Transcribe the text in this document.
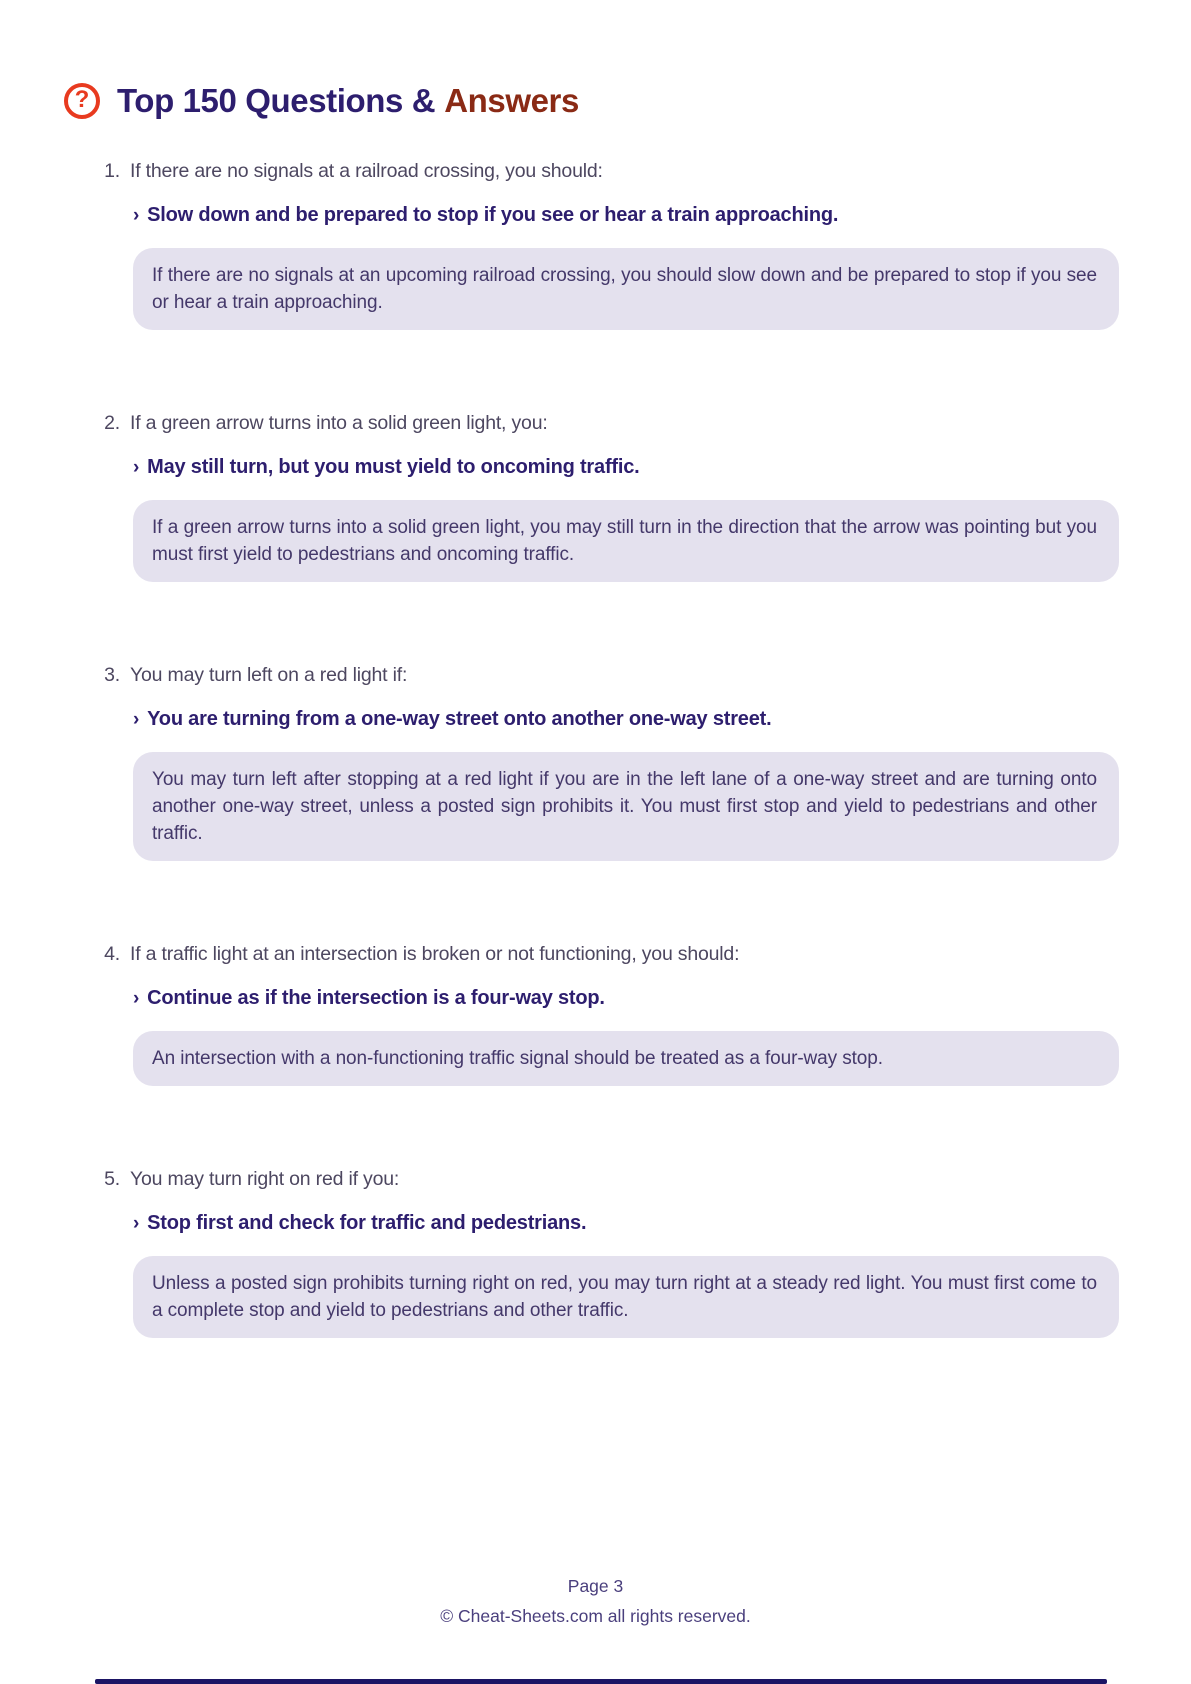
? Top 150 Questions & Answers
1. If there are no signals at a railroad crossing, you should:
› Slow down and be prepared to stop if you see or hear a train approaching.
If there are no signals at an upcoming railroad crossing, you should slow down and be prepared to stop if you see or hear a train approaching.
2. If a green arrow turns into a solid green light, you:
› May still turn, but you must yield to oncoming traffic.
If a green arrow turns into a solid green light, you may still turn in the direction that the arrow was pointing but you must first yield to pedestrians and oncoming traffic.
3. You may turn left on a red light if:
› You are turning from a one-way street onto another one-way street.
You may turn left after stopping at a red light if you are in the left lane of a one-way street and are turning onto another one-way street, unless a posted sign prohibits it. You must first stop and yield to pedestrians and other traffic.
4. If a traffic light at an intersection is broken or not functioning, you should:
› Continue as if the intersection is a four-way stop.
An intersection with a non-functioning traffic signal should be treated as a four-way stop.
5. You may turn right on red if you:
› Stop first and check for traffic and pedestrians.
Unless a posted sign prohibits turning right on red, you may turn right at a steady red light. You must first come to a complete stop and yield to pedestrians and other traffic.
Page 3
© Cheat-Sheets.com all rights reserved.
